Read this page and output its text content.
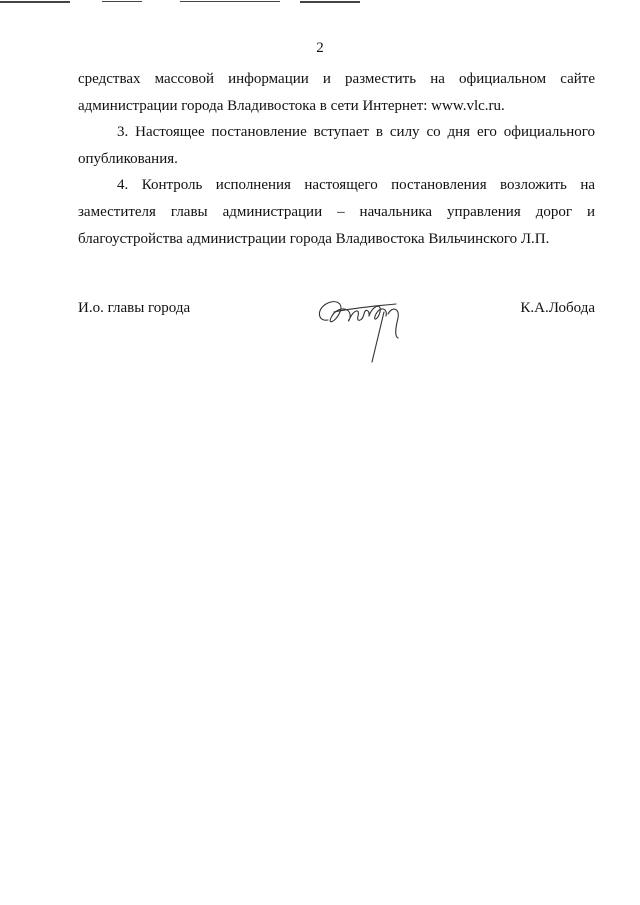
2
средствах массовой информации и разместить на официальном сайте
администрации города Владивостока в сети Интернет: www.vlc.ru.
3. Настоящее постановление вступает в силу со дня его официального
опубликования.
4. Контроль исполнения настоящего постановления возложить на
заместителя главы администрации – начальника управления дорог и
благоустройства администрации города Владивостока Вильчинского Л.П.
И.о. главы города	К.А.Лобода
